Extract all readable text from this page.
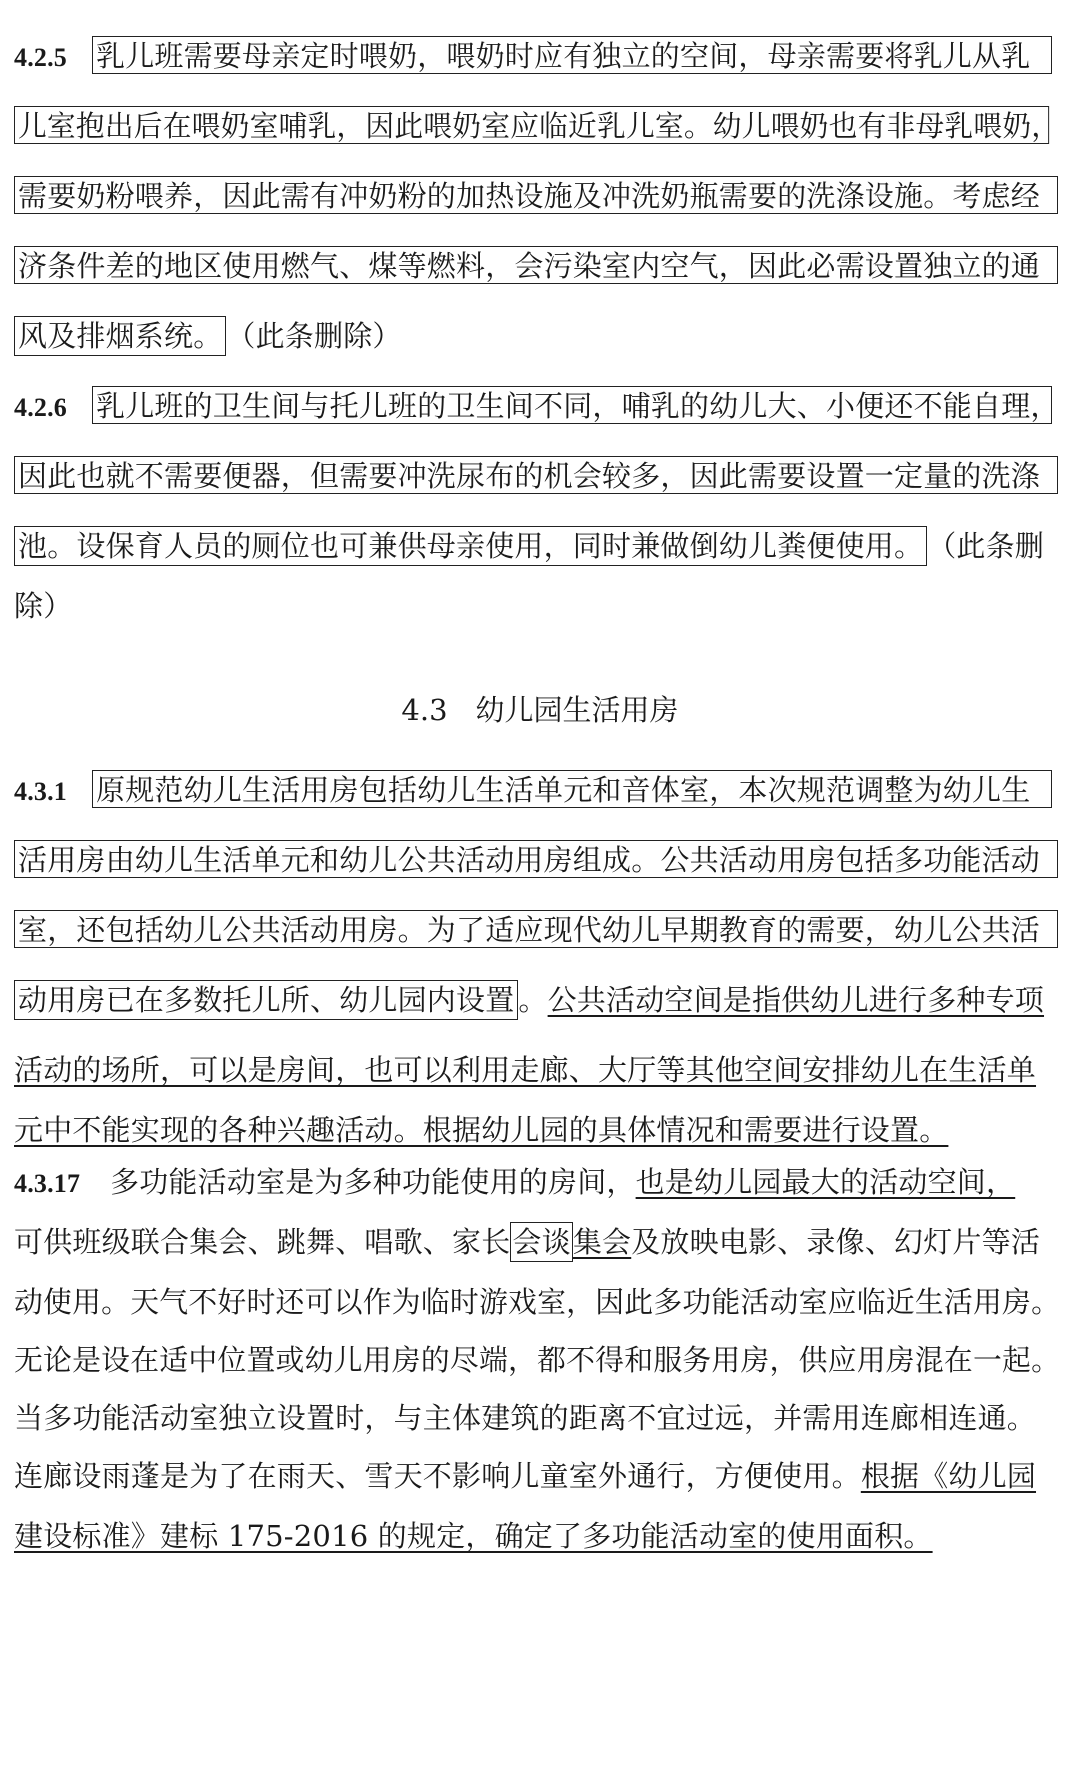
4.2.5 乳儿班需要母亲定时喂奶，喂奶时应有独立的空间，母亲需要将乳儿从乳
儿室抱出后在喂奶室哺乳，因此喂奶室应临近乳儿室。幼儿喂奶也有非母乳喂奶，
需要奶粉喂养，因此需有冲奶粉的加热设施及冲洗奶瓶需要的洗涤设施。考虑经
济条件差的地区使用燃气、煤等燃料，会污染室内空气，因此必需设置独立的通
风及排烟系统。 （此条删除）
4.2.6 乳儿班的卫生间与托儿班的卫生间不同，哺乳的幼儿大、小便还不能自理，
因此也就不需要便器，但需要冲洗尿布的机会较多，因此需要设置一定量的洗涤
池。设保育人员的厕位也可兼供母亲使用，同时兼做倒幼儿粪便使用。 （此条删
除）
4.3 幼儿园生活用房
4.3.1 原规范幼儿生活用房包括幼儿生活单元和音体室，本次规范调整为幼儿生
活用房由幼儿生活单元和幼儿公共活动用房组成。公共活动用房包括多功能活动
室，还包括幼儿公共活动用房。为了适应现代幼儿早期教育的需要，幼儿公共活
动用房已在多数托儿所、幼儿园内设置 。公共活动空间是指供幼儿进行多种专项
活动的场所，可以是房间，也可以利用走廊、大厅等其他空间安排幼儿在生活单
元中不能实现的各种兴趣活动。根据幼儿园的具体情况和需要进行设置。
4.3.17 多功能活动室是为多种功能使用的房间，也是幼儿园最大的活动空间，
可供班级联合集会、跳舞、唱歌、家长会谈集会及放映电影、录像、幻灯片等活
动使用。天气不好时还可以作为临时游戏室，因此多功能活动室应临近生活用房。
无论是设在适中位置或幼儿用房的尽端，都不得和服务用房，供应用房混在一起。
当多功能活动室独立设置时，与主体建筑的距离不宜过远，并需用连廊相连通。
连廊设雨蓬是为了在雨天、雪天不影响儿童室外通行，方便使用。根据《幼儿园
建设标准》建标 175-2016 的规定，确定了多功能活动室的使用面积。
